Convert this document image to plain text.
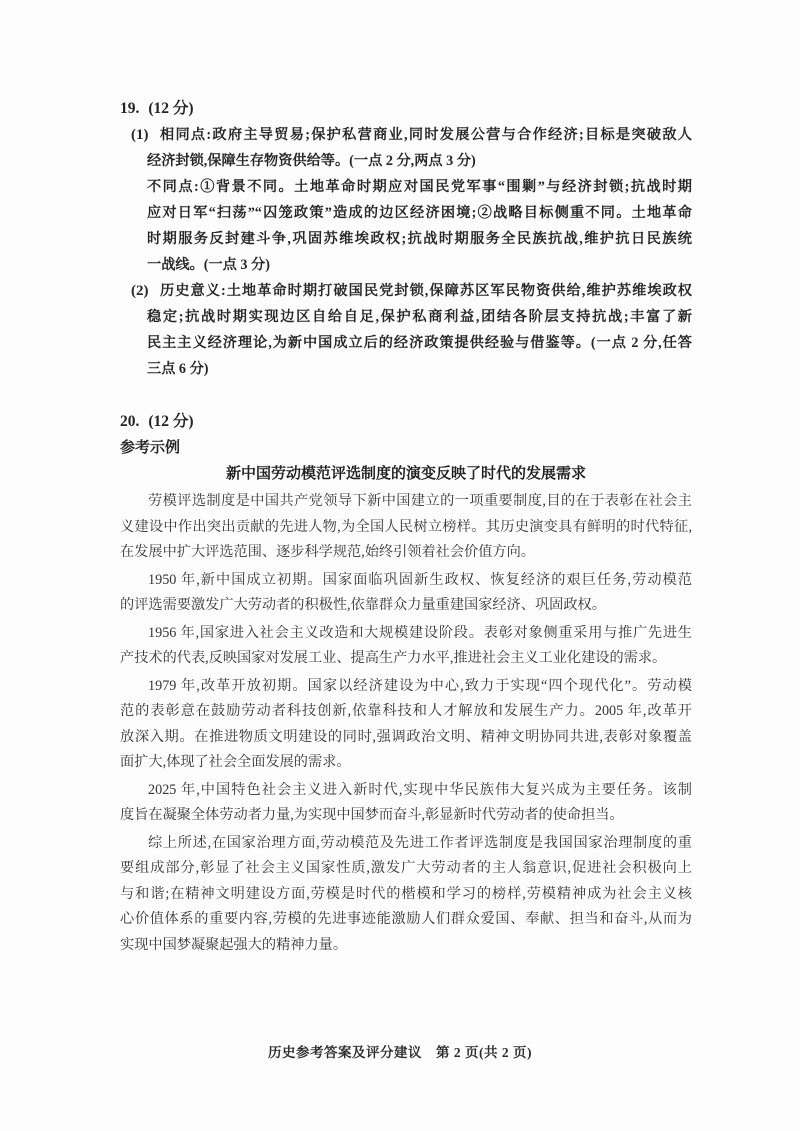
19. (12 分)
(1) 相同点:政府主导贸易;保护私营商业,同时发展公营与合作经济;目标是突破敌人
经济封锁,保障生存物资供给等。(一点 2 分,两点 3 分)
不同点:①背景不同。土地革命时期应对国民党军事“围剿”与经济封锁;抗战时期
应对日军“扫荡”“囚笼政策”造成的边区经济困境;②战略目标侧重不同。土地革命
时期服务反封建斗争,巩固苏维埃政权;抗战时期服务全民族抗战,维护抗日民族统
一战线。(一点 3 分)
(2) 历史意义:土地革命时期打破国民党封锁,保障苏区军民物资供给,维护苏维埃政权
稳定;抗战时期实现边区自给自足,保护私商利益,团结各阶层支持抗战;丰富了新
民主主义经济理论,为新中国成立后的经济政策提供经验与借鉴等。(一点 2 分,任答
三点 6 分)
20. (12 分)
参考示例
新中国劳动模范评选制度的演变反映了时代的发展需求
劳模评选制度是中国共产党领导下新中国建立的一项重要制度,目的在于表彰在社会主
义建设中作出突出贡献的先进人物,为全国人民树立榜样。其历史演变具有鲜明的时代特征,
在发展中扩大评选范围、逐步科学规范,始终引领着社会价值方向。
1950 年,新中国成立初期。国家面临巩固新生政权、恢复经济的艰巨任务,劳动模范
的评选需要激发广大劳动者的积极性,依靠群众力量重建国家经济、巩固政权。
1956 年,国家进入社会主义改造和大规模建设阶段。表彰对象侧重采用与推广先进生
产技术的代表,反映国家对发展工业、提高生产力水平,推进社会主义工业化建设的需求。
1979 年,改革开放初期。国家以经济建设为中心,致力于实现“四个现代化”。劳动模
范的表彰意在鼓励劳动者科技创新,依靠科技和人才解放和发展生产力。2005 年,改革开
放深入期。在推进物质文明建设的同时,强调政治文明、精神文明协同共进,表彰对象覆盖
面扩大,体现了社会全面发展的需求。
2025 年,中国特色社会主义进入新时代,实现中华民族伟大复兴成为主要任务。该制
度旨在凝聚全体劳动者力量,为实现中国梦而奋斗,彰显新时代劳动者的使命担当。
综上所述,在国家治理方面,劳动模范及先进工作者评选制度是我国国家治理制度的重
要组成部分,彰显了社会主义国家性质,激发广大劳动者的主人翁意识,促进社会积极向上
与和谐;在精神文明建设方面,劳模是时代的楷模和学习的榜样,劳模精神成为社会主义核
心价值体系的重要内容,劳模的先进事迹能激励人们群众爱国、奉献、担当和奋斗,从而为
实现中国梦凝聚起强大的精神力量。
历史参考答案及评分建议　第 2 页(共 2 页)
